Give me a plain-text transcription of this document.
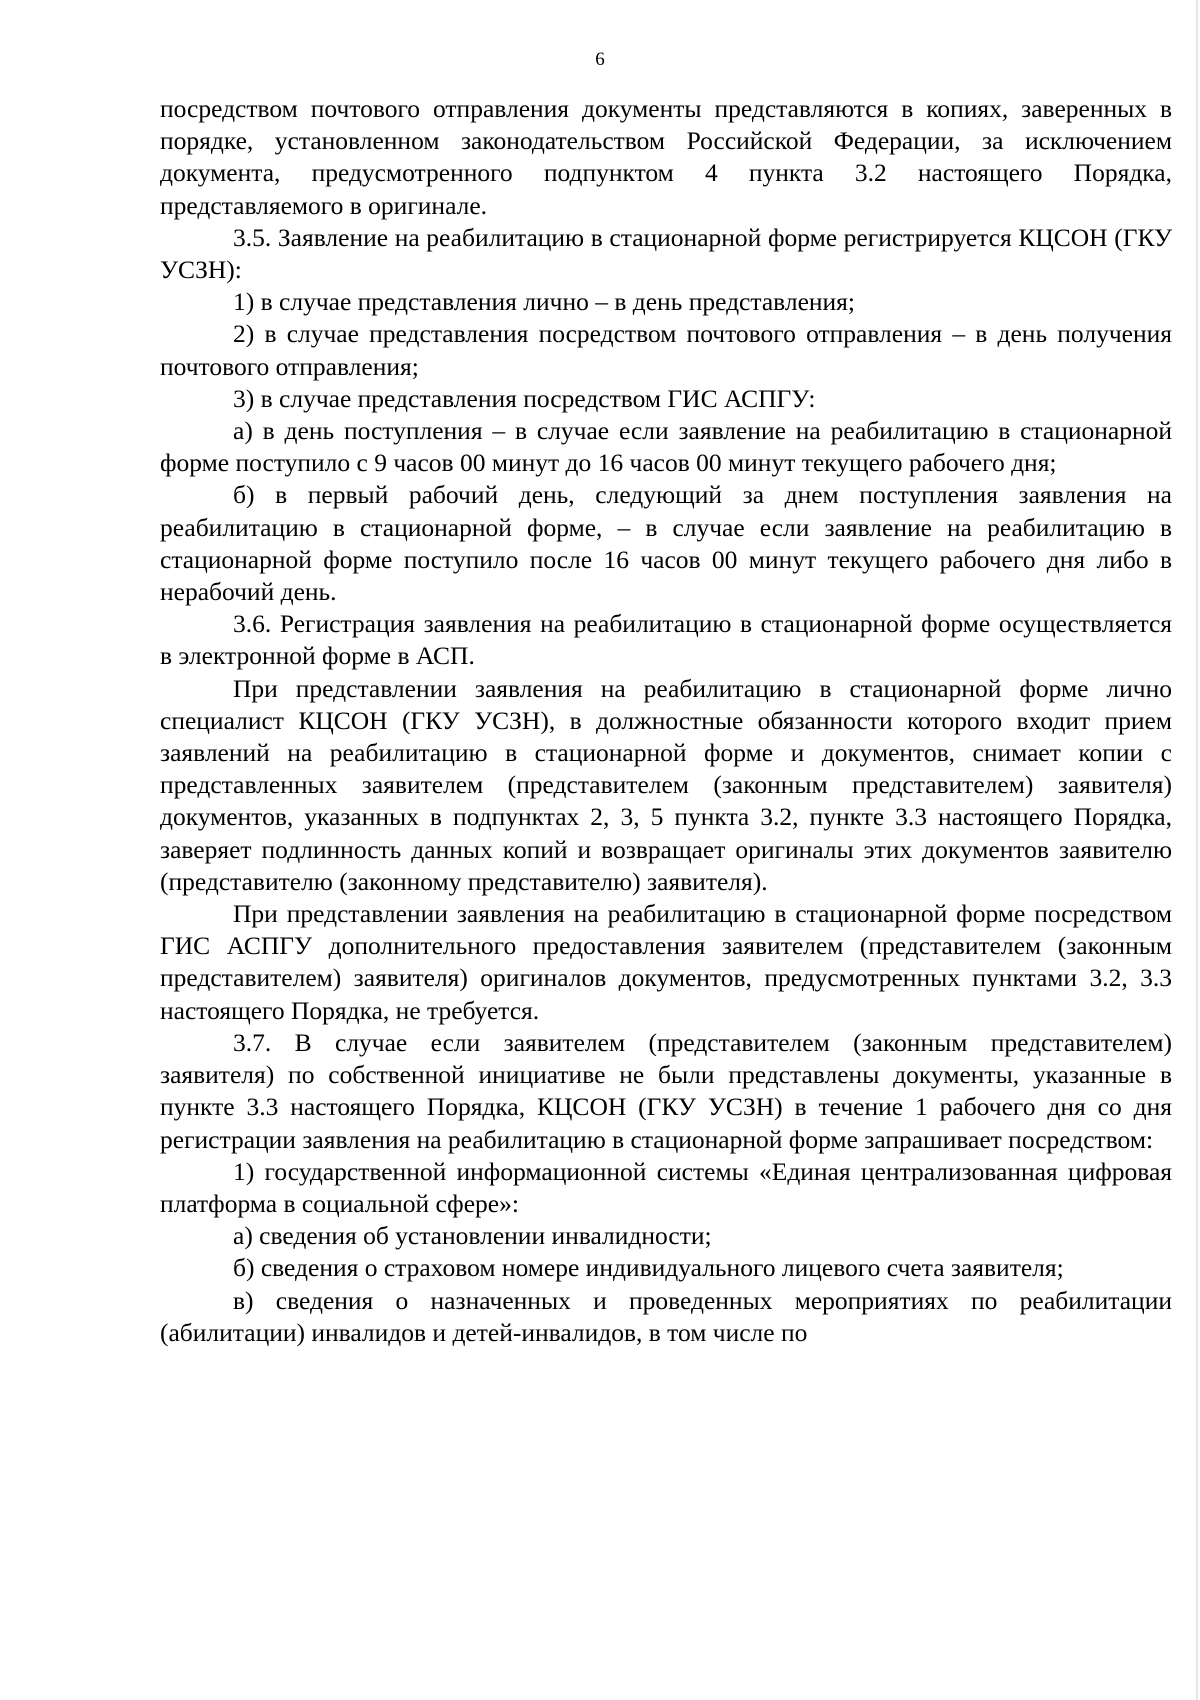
6

посредством почтового отправления документы представляются в копиях, заверенных в порядке, установленном законодательством Российской Федерации, за исключением документа, предусмотренного подпунктом 4 пункта 3.2 настоящего Порядка, представляемого в оригинале.

3.5. Заявление на реабилитацию в стационарной форме регистрируется КЦСОН (ГКУ УСЗН):

1) в случае представления лично – в день представления;

2) в случае представления посредством почтового отправления – в день получения почтового отправления;

3) в случае представления посредством ГИС АСПГУ:

а) в день поступления – в случае если заявление на реабилитацию в стационарной форме поступило с 9 часов 00 минут до 16 часов 00 минут текущего рабочего дня;

б) в первый рабочий день, следующий за днем поступления заявления на реабилитацию в стационарной форме, – в случае если заявление на реабилитацию в стационарной форме поступило после 16 часов 00 минут текущего рабочего дня либо в нерабочий день.

3.6. Регистрация заявления на реабилитацию в стационарной форме осуществляется в электронной форме в АСП.

При представлении заявления на реабилитацию в стационарной форме лично специалист КЦСОН (ГКУ УСЗН), в должностные обязанности которого входит прием заявлений на реабилитацию в стационарной форме и документов, снимает копии с представленных заявителем (представителем (законным представителем) заявителя) документов, указанных в подпунктах 2, 3, 5 пункта 3.2, пункте 3.3 настоящего Порядка, заверяет подлинность данных копий и возвращает оригиналы этих документов заявителю (представителю (законному представителю) заявителя).

При представлении заявления на реабилитацию в стационарной форме посредством ГИС АСПГУ дополнительного предоставления заявителем (представителем (законным представителем) заявителя) оригиналов документов, предусмотренных пунктами 3.2, 3.3 настоящего Порядка, не требуется.

3.7. В случае если заявителем (представителем (законным представителем) заявителя) по собственной инициативе не были представлены документы, указанные в пункте 3.3 настоящего Порядка, КЦСОН (ГКУ УСЗН) в течение 1 рабочего дня со дня регистрации заявления на реабилитацию в стационарной форме запрашивает посредством:

1) государственной информационной системы «Единая централизованная цифровая платформа в социальной сфере»:

а) сведения об установлении инвалидности;

б) сведения о страховом номере индивидуального лицевого счета заявителя;

в) сведения о назначенных и проведенных мероприятиях по реабилитации (абилитации) инвалидов и детей-инвалидов, в том числе по
